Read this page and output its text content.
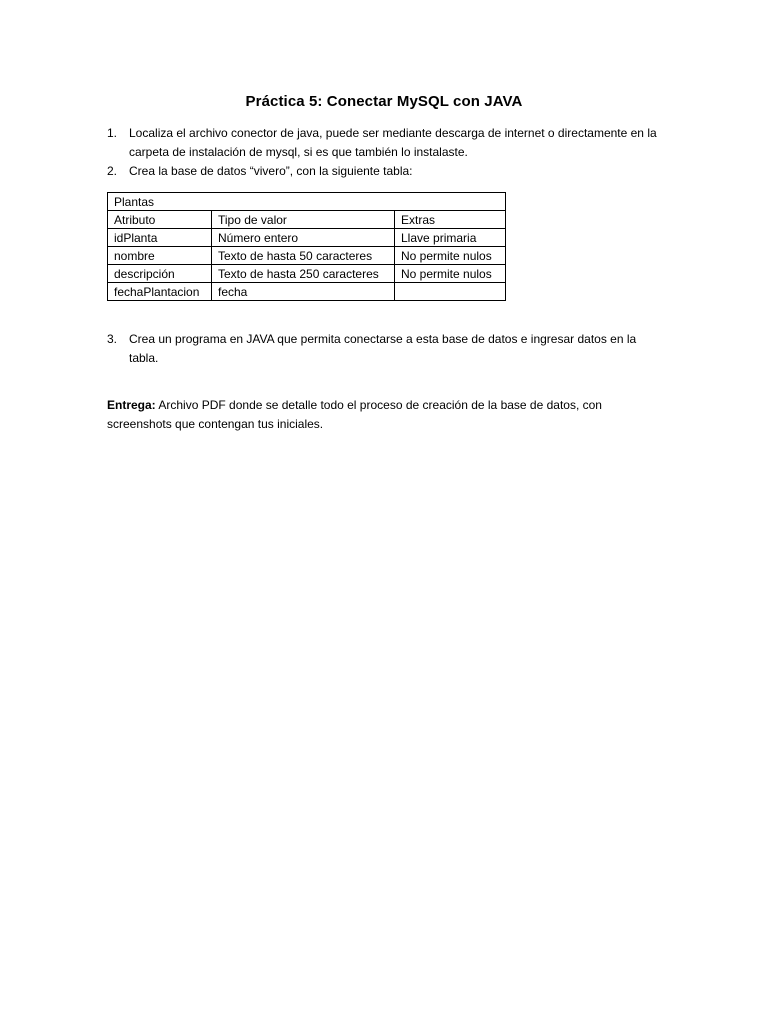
Práctica 5: Conectar MySQL con JAVA
1. Localiza el archivo conector de java, puede ser mediante descarga de internet o directamente en la carpeta de instalación de mysql, si es que también lo instalaste.
2. Crea la base de datos “vivero”, con la siguiente tabla:
Plantas		
Atributo	Tipo de valor	Extras
idPlanta	Número entero	Llave primaria
nombre	Texto de hasta 50 caracteres	No permite nulos
descripción	Texto de hasta 250 caracteres	No permite nulos
fechaPlantacion	fecha	
3. Crea un programa en JAVA que permita conectarse a esta base de datos e ingresar datos en la tabla.
Entrega: Archivo PDF donde se detalle todo el proceso de creación de la base de datos, con screenshots que contengan tus iniciales.
